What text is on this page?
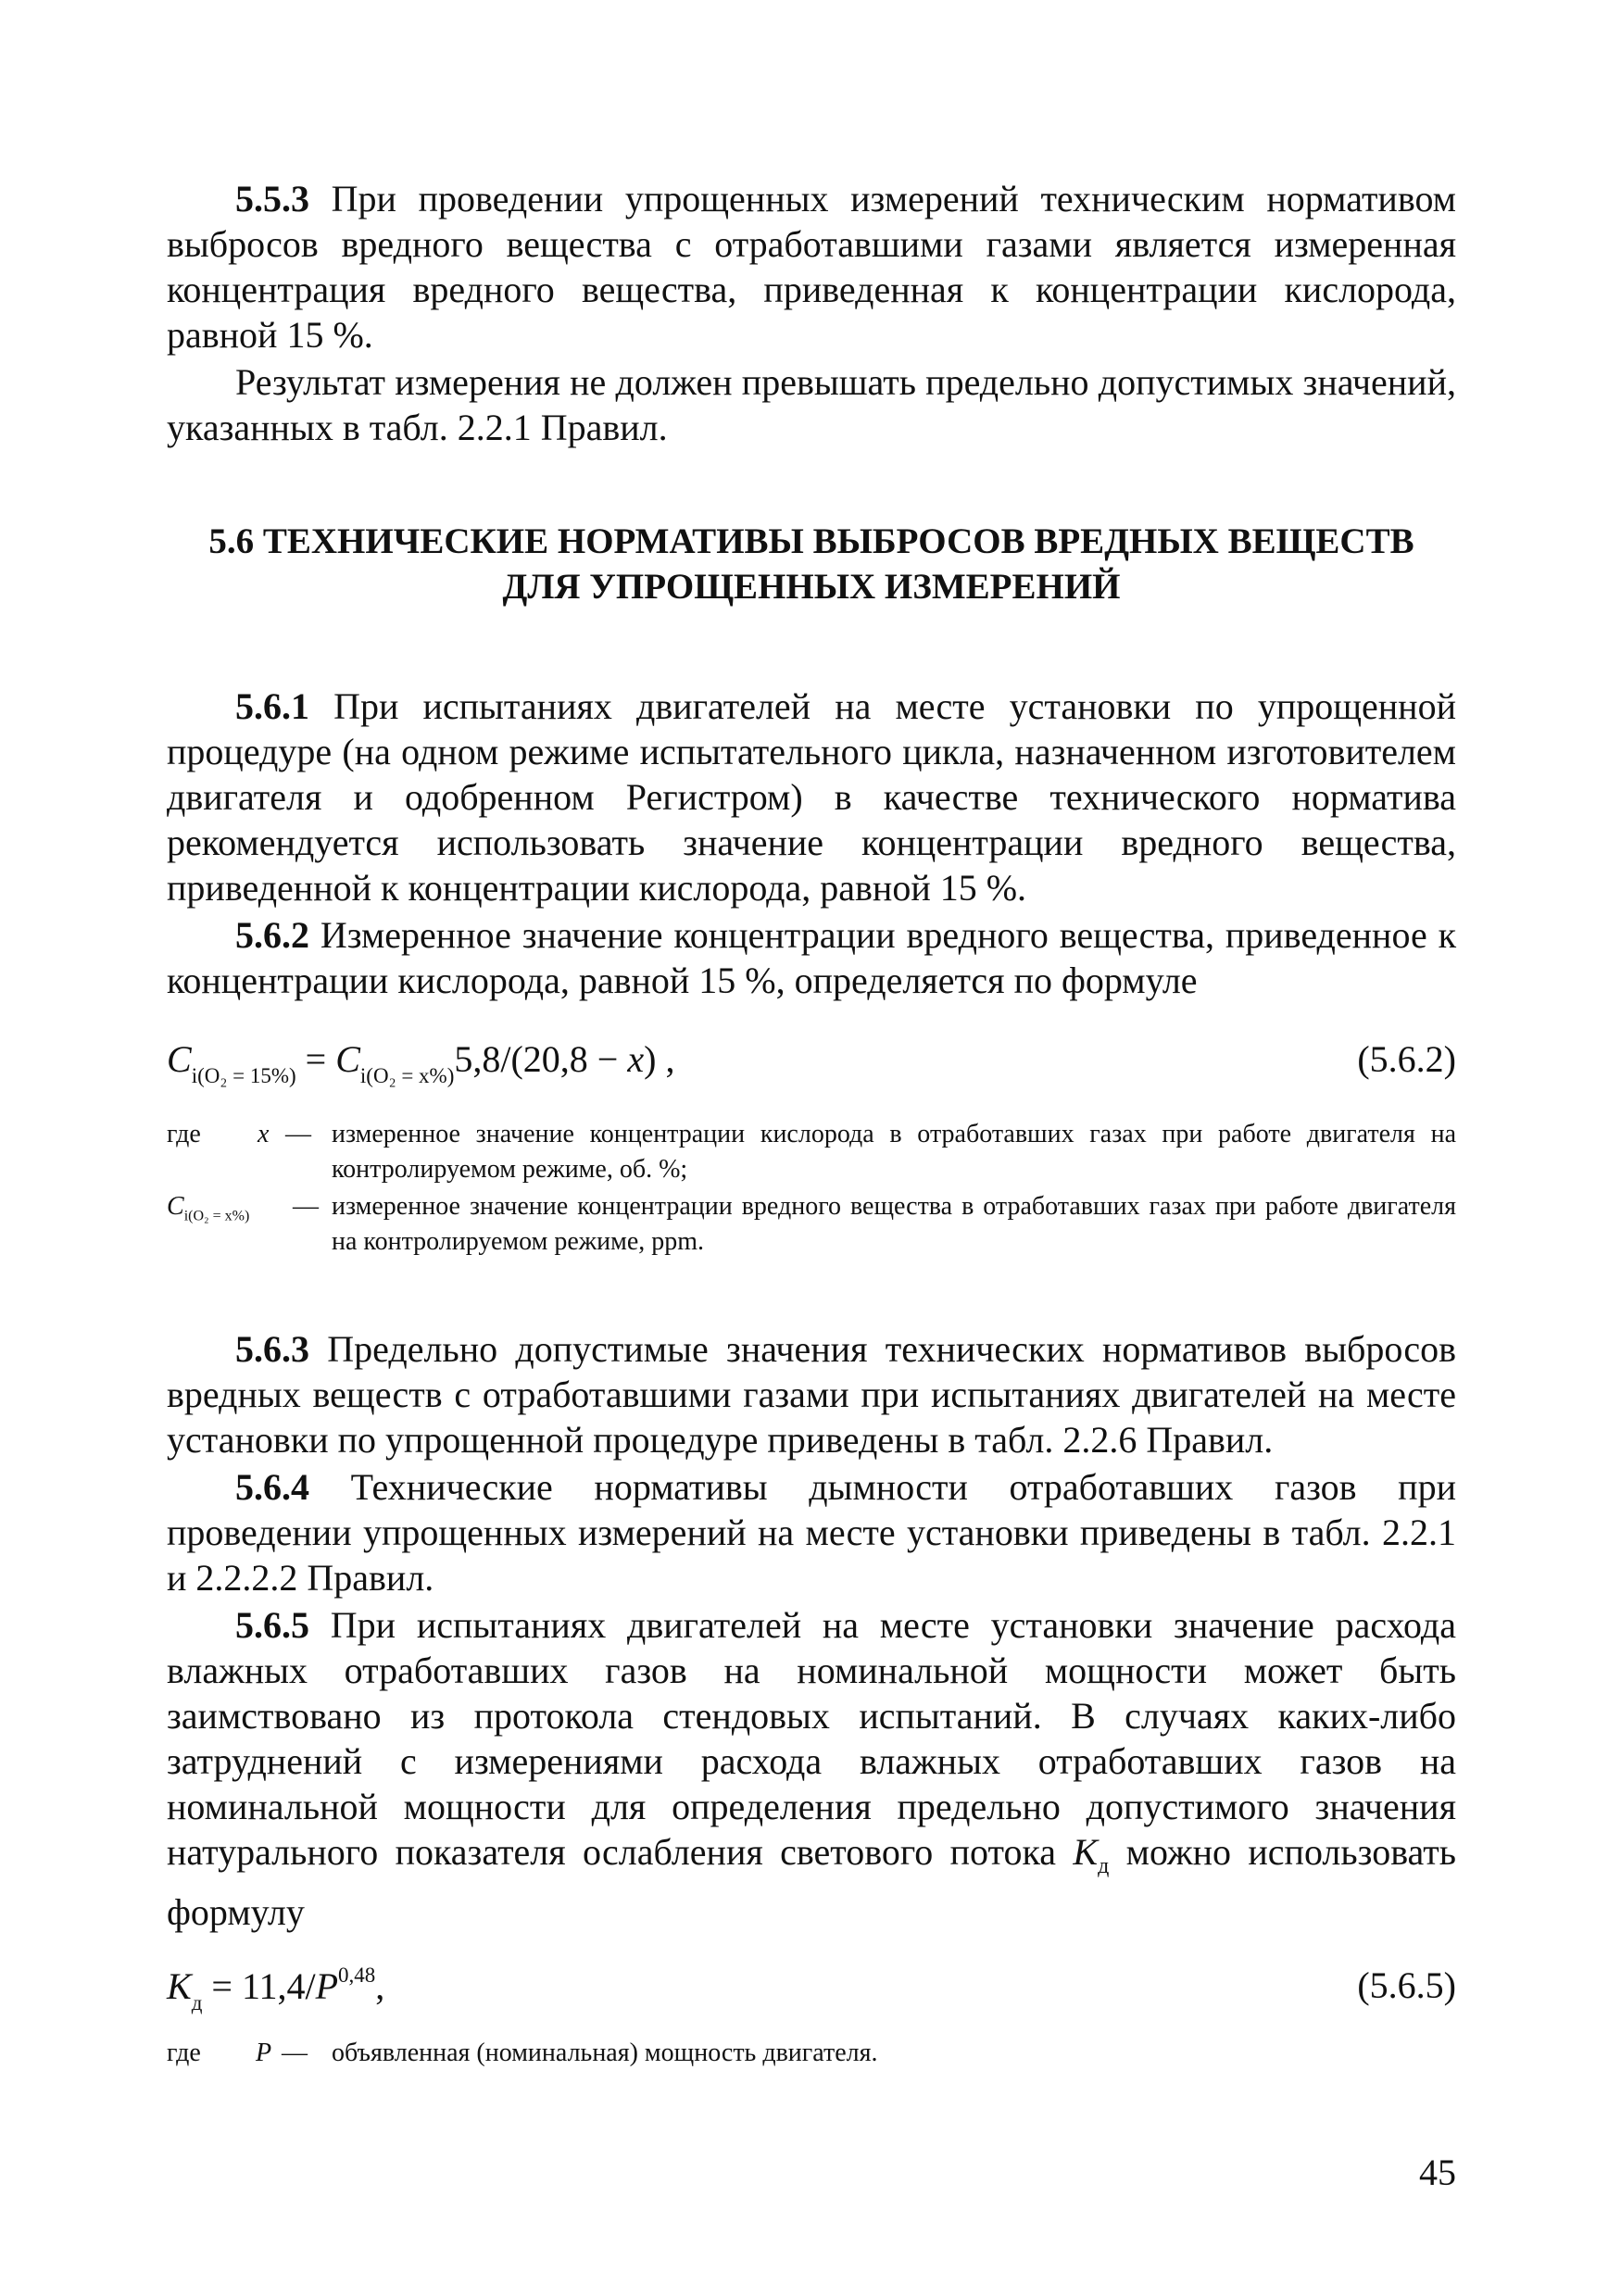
5.5.3 При проведении упрощенных измерений техническим нормативом выбросов вредного вещества с отработавшими газами является измеренная концентрация вредного вещества, приведенная к концентрации кислорода, равной 15 %.

Результат измерения не должен превышать предельно допустимых значений, указанных в табл. 2.2.1 Правил.

5.6 ТЕХНИЧЕСКИЕ НОРМАТИВЫ ВЫБРОСОВ ВРЕДНЫХ ВЕЩЕСТВ
ДЛЯ УПРОЩЕННЫХ ИЗМЕРЕНИЙ

5.6.1 При испытаниях двигателей на месте установки по упрощенной процедуре (на одном режиме испытательного цикла, назначенном изготовителем двигателя и одобренном Регистром) в качестве технического норматива рекомендуется использовать значение концентрации вредного вещества, приведенной к концентрации кислорода, равной 15 %.

5.6.2 Измеренное значение концентрации вредного вещества, приведенное к концентрации кислорода, равной 15 %, определяется по формуле

$C_{i(O_2 = 15\%)} = C_{i(O_2 = x\%)}5,8/(20,8 - x)$ ,	(5.6.2)
где x — измеренное значение концентрации кислорода в отработавших газах при работе двигателя на контролируемом режиме, об. %;
$C_{i(O_2 = x\%)}$ — измеренное значение концентрации вредного вещества в отработавших газах при работе двигателя на контролируемом режиме, ppm.

5.6.3 Предельно допустимые значения технических нормативов выбросов вредных веществ с отработавшими газами при испытаниях двигателей на месте установки по упрощенной процедуре приведены в табл. 2.2.6 Правил.

5.6.4 Технические нормативы дымности отработавших газов при проведении упрощенных измерений на месте установки приведены в табл. 2.2.1 и 2.2.2.2 Правил.

5.6.5 При испытаниях двигателей на месте установки значение расхода влажных отработавших газов на номинальной мощности может быть заимствовано из протокола стендовых испытаний. В случаях каких-либо затруднений с измерениями расхода влажных отработавших газов на номинальной мощности для определения предельно допустимого значения натурального показателя ослабления светового потока $K_д$ можно использовать формулу

$K_д = 11,4/P^{0,48}$,	(5.6.5)
где P — объявленная (номинальная) мощность двигателя.
45
